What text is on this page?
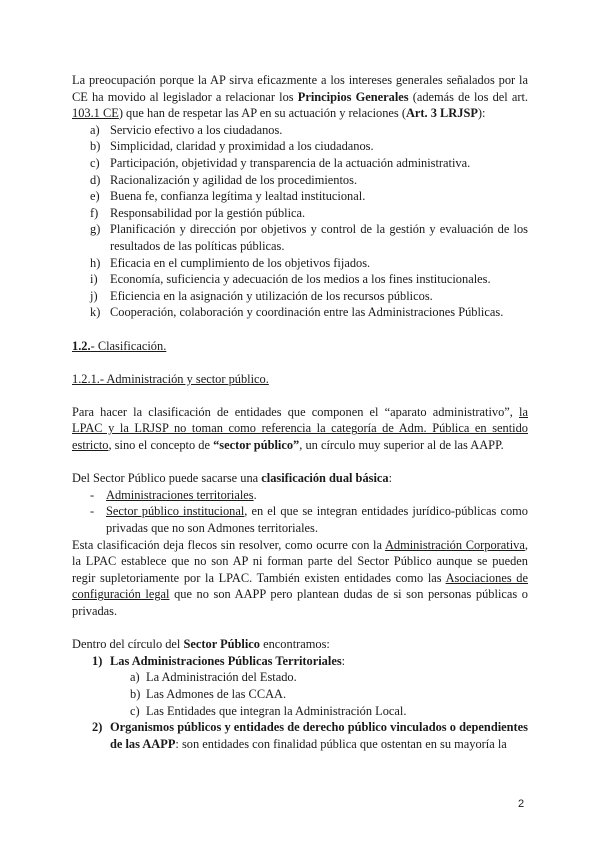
La preocupación porque la AP sirva eficazmente a los intereses generales señalados por la CE ha movido al legislador a relacionar los Principios Generales (además de los del art. 103.1 CE) que han de respetar las AP en su actuación y relaciones (Art. 3 LRJSP):

a) Servicio efectivo a los ciudadanos.
b) Simplicidad, claridad y proximidad a los ciudadanos.
c) Participación, objetividad y transparencia de la actuación administrativa.
d) Racionalización y agilidad de los procedimientos.
e) Buena fe, confianza legítima y lealtad institucional.
f) Responsabilidad por la gestión pública.
g) Planificación y dirección por objetivos y control de la gestión y evaluación de los resultados de las políticas públicas.
h) Eficacia en el cumplimiento de los objetivos fijados.
i)	Economía, suficiencia y adecuación de los medios a los fines institucionales.
j)	Eficiencia en la asignación y utilización de los recursos públicos.
k) Cooperación, colaboración y coordinación entre las Administraciones Públicas.

1.2.- Clasificación.

1.2.1.- Administración y sector público.

Para hacer la clasificación de entidades que componen el “aparato administrativo”, la LPAC y la LRJSP no toman como referencia la categoría de Adm. Pública en sentido estricto, sino el concepto de “sector público”, un círculo muy superior al de las AAPP.

Del Sector Público puede sacarse una clasificación dual básica:

- Administraciones territoriales.
- Sector público institucional, en el que se integran entidades jurídico-públicas como privadas que no son Admones territoriales.

Esta clasificación deja flecos sin resolver, como ocurre con la Administración Corporativa, la LPAC establece que no son AP ni forman parte del Sector Público aunque se pueden regir supletoriamente por la LPAC. También existen entidades como las Asociaciones de configuración legal que no son AAPP pero plantean dudas de si son personas públicas o privadas.

Dentro del círculo del Sector Público encontramos:

1) Las Administraciones Públicas Territoriales:
a) La Administración del Estado.
b) Las Admones de las CCAA.
c) Las Entidades que integran la Administración Local.
2) Organismos públicos y entidades de derecho público vinculados o dependientes de las AAPP: son entidades con finalidad pública que ostentan en su mayoría la
2
